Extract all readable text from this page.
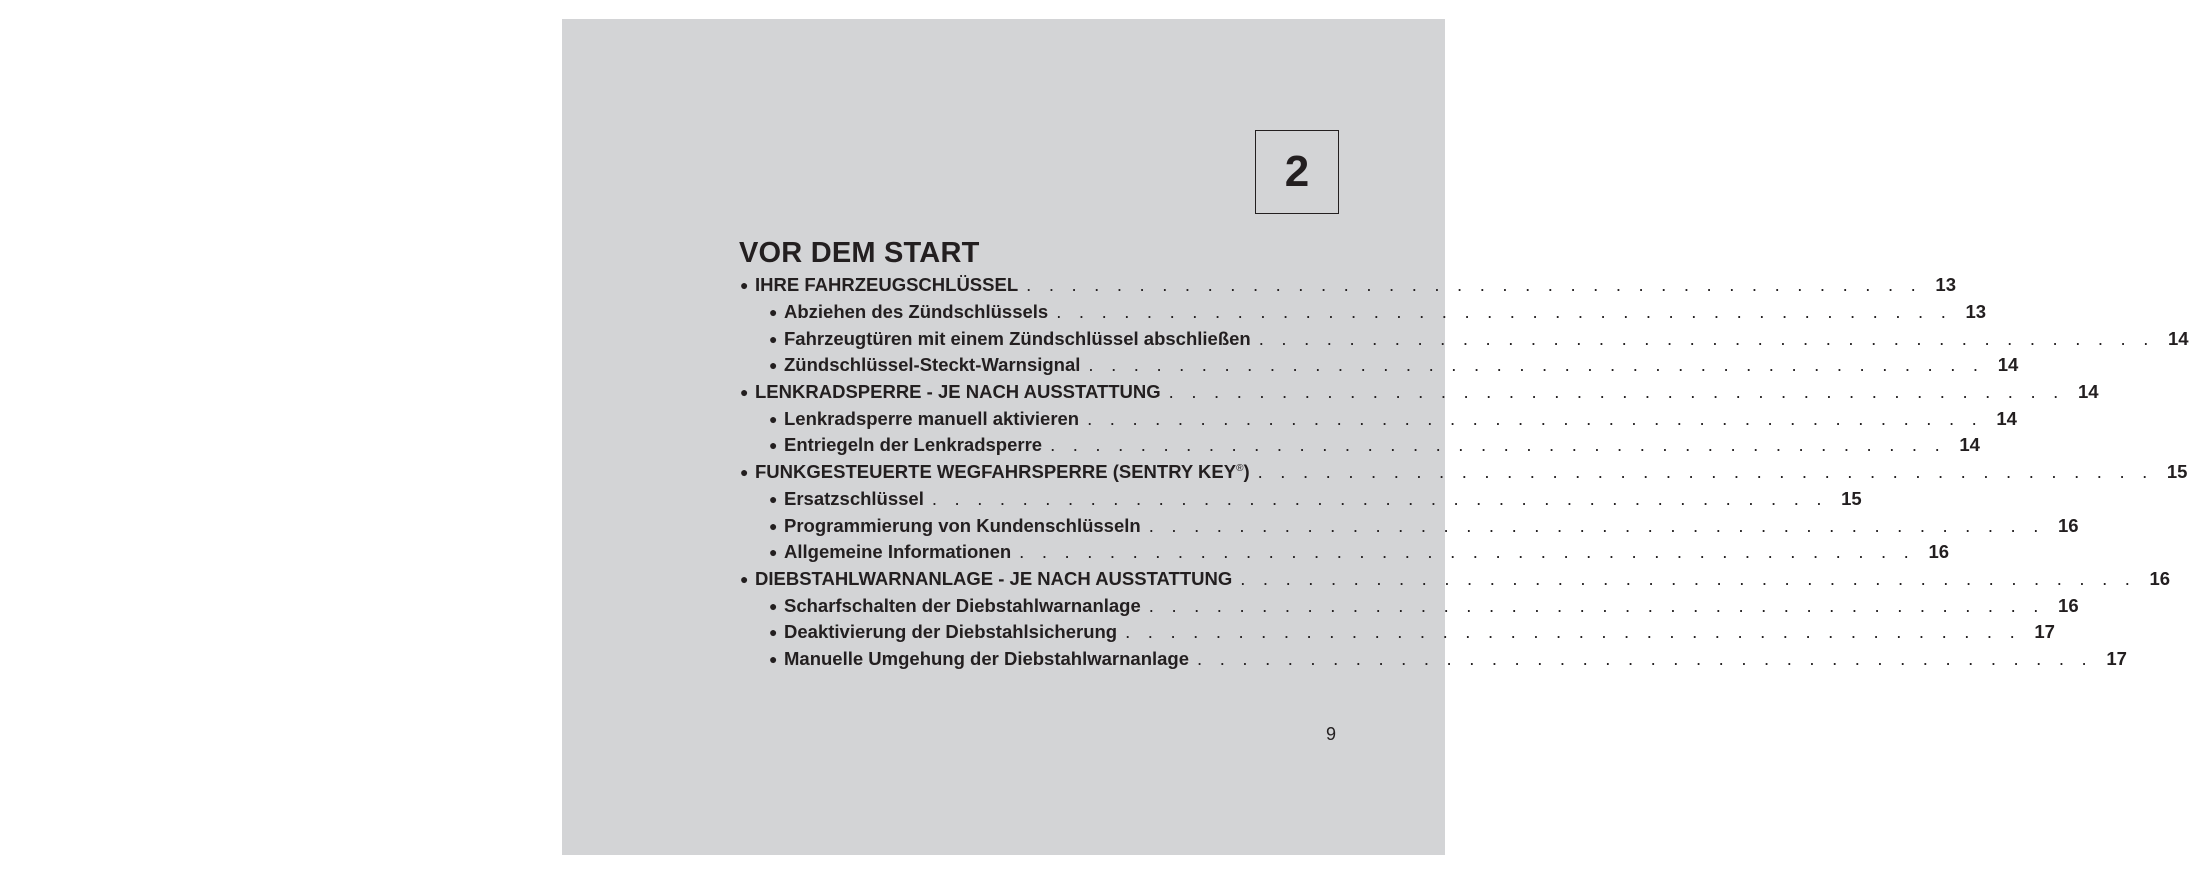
2
VOR DEM START
● IHRE FAHRZEUGSCHLÜSSEL . . . . . . . . . . . . . . . . . . . . . . . . . . . . . . . . . . . . . . . . 13
● Abziehen des Zündschlüssels . . . . . . . . . . . . . . . . . . . . . . . . . . . . . . . . . . . . . . . . 13
● Fahrzeugtüren mit einem Zündschlüssel abschließen . . . . . . . . . . . . . . . . . . . . . . . . . . . . . . . . . . . . . . . . 14
● Zündschlüssel-Steckt-Warnsignal . . . . . . . . . . . . . . . . . . . . . . . . . . . . . . . . . . . . . . . . 14
● LENKRADSPERRE - JE NACH AUSSTATTUNG . . . . . . . . . . . . . . . . . . . . . . . . . . . . . . . . . . . . . . . . 14
● Lenkradsperre manuell aktivieren . . . . . . . . . . . . . . . . . . . . . . . . . . . . . . . . . . . . . . . . 14
● Entriegeln der Lenkradsperre . . . . . . . . . . . . . . . . . . . . . . . . . . . . . . . . . . . . . . . . 14
● FUNKGESTEUERTE WEGFAHRSPERRE (SENTRY KEY®) . . . . . . . . . . . . . . . . . . . . . . . . . . . . . . . . . . . . . . . . 15
● Ersatzschlüssel . . . . . . . . . . . . . . . . . . . . . . . . . . . . . . . . . . . . . . . . 15
● Programmierung von Kundenschlüsseln . . . . . . . . . . . . . . . . . . . . . . . . . . . . . . . . . . . . . . . . 16
● Allgemeine Informationen . . . . . . . . . . . . . . . . . . . . . . . . . . . . . . . . . . . . . . . . 16
● DIEBSTAHLWARNANLAGE - JE NACH AUSSTATTUNG . . . . . . . . . . . . . . . . . . . . . . . . . . . . . . . . . . . . . . . . 16
● Scharfschalten der Diebstahlwarnanlage . . . . . . . . . . . . . . . . . . . . . . . . . . . . . . . . . . . . . . . . 16
● Deaktivierung der Diebstahlsicherung . . . . . . . . . . . . . . . . . . . . . . . . . . . . . . . . . . . . . . . . 17
● Manuelle Umgehung der Diebstahlwarnanlage . . . . . . . . . . . . . . . . . . . . . . . . . . . . . . . . . . . . . . . . 17
9
